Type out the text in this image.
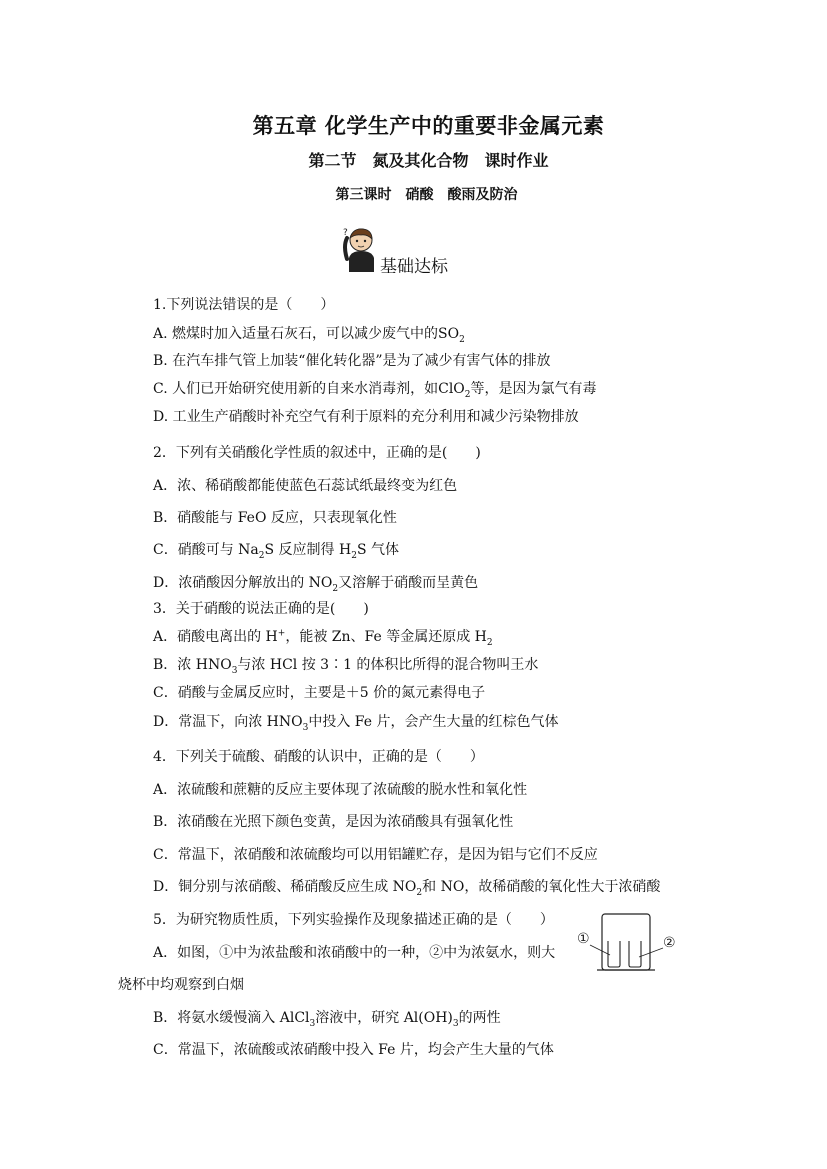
第五章 化学生产中的重要非金属元素
第二节　氮及其化合物　课时作业
第三课时　硝酸　酸雨及防治
?
基础达标
1.下列说法错误的是（　　）
A. 燃煤时加入适量石灰石，可以减少废气中的$SO_2$
B. 在汽车排气管上加装“催化转化器”是为了减少有害气体的排放
C. 人们已开始研究使用新的自来水消毒剂，如ClO$_2$等，是因为氯气有毒
D. 工业生产硝酸时补充空气有利于原料的充分利用和减少污染物排放
2．下列有关硝酸化学性质的叙述中，正确的是(　　)
A．浓、稀硝酸都能使蓝色石蕊试纸最终变为红色
B．硝酸能与 FeO 反应，只表现氧化性
C．硝酸可与 $Na_2S$ 反应制得 $H_2S$ 气体
D．浓硝酸因分解放出的 $NO_2$又溶解于硝酸而呈黄色
3．关于硝酸的说法正确的是(　　)
A．硝酸电离出的 H+，能被 Zn、Fe 等金属还原成 $H_2$
B．浓 $HNO_3$与浓 HCl 按 3∶1 的体积比所得的混合物叫王水
C．硝酸与金属反应时，主要是＋5 价的氮元素得电子
D．常温下，向浓 $HNO_3$中投入 Fe 片，会产生大量的红棕色气体
4．下列关于硫酸、硝酸的认识中，正确的是（　　）
A．浓硫酸和蔗糖的反应主要体现了浓硫酸的脱水性和氧化性
B．浓硝酸在光照下颜色变黄，是因为浓硝酸具有强氧化性
C．常温下，浓硝酸和浓硫酸均可以用铝罐贮存，是因为铝与它们不反应
D．铜分别与浓硝酸、稀硝酸反应生成 $NO_2$和 NO，故稀硝酸的氧化性大于浓硝酸
5．为研究物质性质，下列实验操作及现象描述正确的是（　　）
A．如图，①中为浓盐酸和浓硝酸中的一种，②中为浓氨水，则大
烧杯中均观察到白烟
B．将氨水缓慢滴入 AlCl$_3$溶液中，研究 $Al(OH)_3$的两性
C．常温下，浓硫酸或浓硝酸中投入 Fe 片，均会产生大量的气体
①	②
